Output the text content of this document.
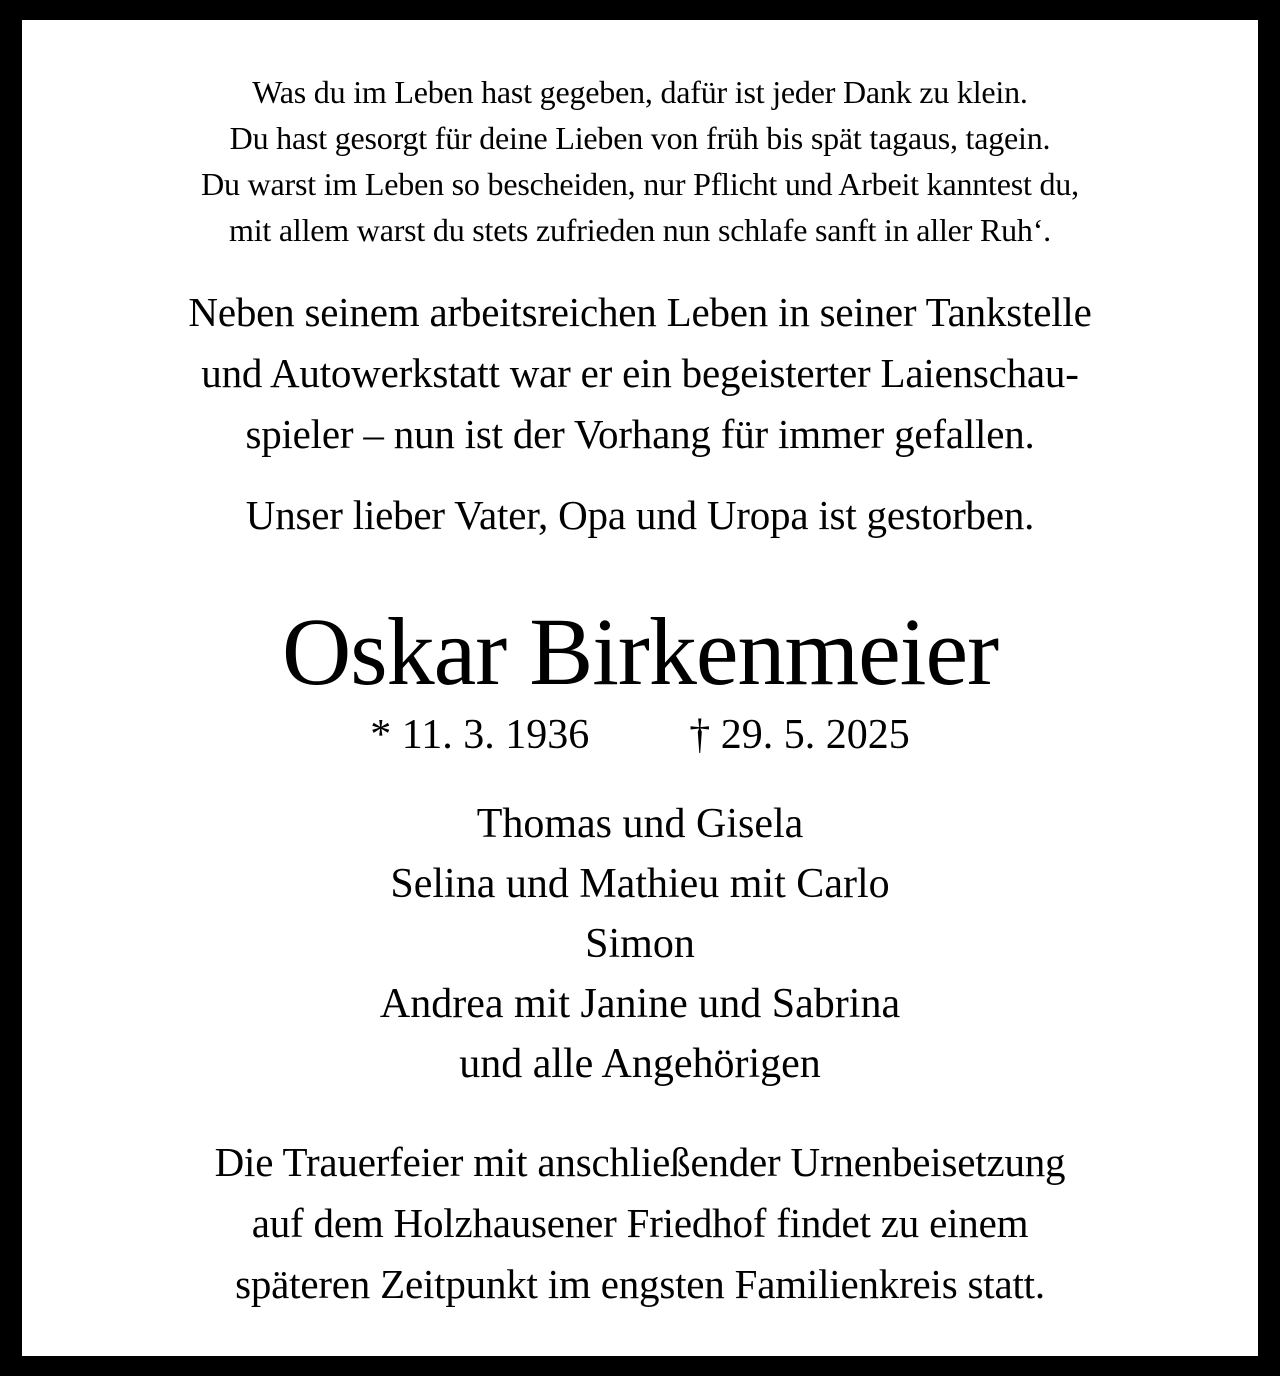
Was du im Leben hast gegeben, dafür ist jeder Dank zu klein.
Du hast gesorgt für deine Lieben von früh bis spät tagaus, tagein.
Du warst im Leben so bescheiden, nur Pflicht und Arbeit kanntest du,
mit allem warst du stets zufrieden nun schlafe sanft in aller Ruh‘.
Neben seinem arbeitsreichen Leben in seiner Tankstelle
und Autowerkstatt war er ein begeisterter Laienschau-
spieler – nun ist der Vorhang für immer gefallen.
Unser lieber Vater, Opa und Uropa ist gestorben.
Oskar Birkenmeier
* 11. 3. 1936 † 29. 5. 2025
Thomas und Gisela
Selina und Mathieu mit Carlo
Simon
Andrea mit Janine und Sabrina
und alle Angehörigen
Die Trauerfeier mit anschließender Urnenbeisetzung
auf dem Holzhausener Friedhof findet zu einem
späteren Zeitpunkt im engsten Familienkreis statt.
